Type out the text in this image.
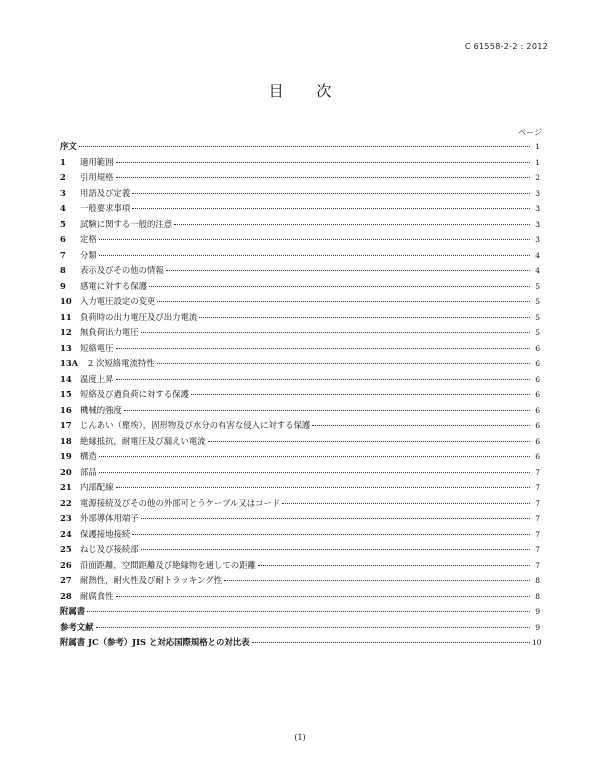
C 61558-2-2 : 2012
目 次
ページ
序文	1
1	適用範囲	1
2	引用規格	2
3	用語及び定義	3
4	一般要求事項	3
5	試験に関する一般的注意	3
6	定格	3
7	分類	4
8	表示及びその他の情報	4
9	感電に対する保護	5
10 入力電圧設定の変更	5
11 負荷時の出力電圧及び出力電流	5
12 無負荷出力電圧	5
13 短絡電圧	6
13A	2 次短絡電流特性	6
14 温度上昇	6
15 短絡及び過負荷に対する保護	6
16 機械的強度	6
17 じんあい（塵埃），固形物及び水分の有害な侵入に対する保護	6
18 絶縁抵抗，耐電圧及び漏えい電流	6
19 構造	6
20 部品	7
21 内部配線	7
22 電源接続及びその他の外部可とうケーブル又はコード	7
23 外部導体用端子	7
24 保護接地接続	7
25 ねじ及び接続部	7
26 沿面距離，空間距離及び絶縁物を通しての距離	7
27 耐熱性，耐火性及び耐トラッキング性	8
28 耐腐食性	8
附属書	9
参考文献	9
附属書 JC（参考）JIS と対応国際規格との対比表	10
(1)
